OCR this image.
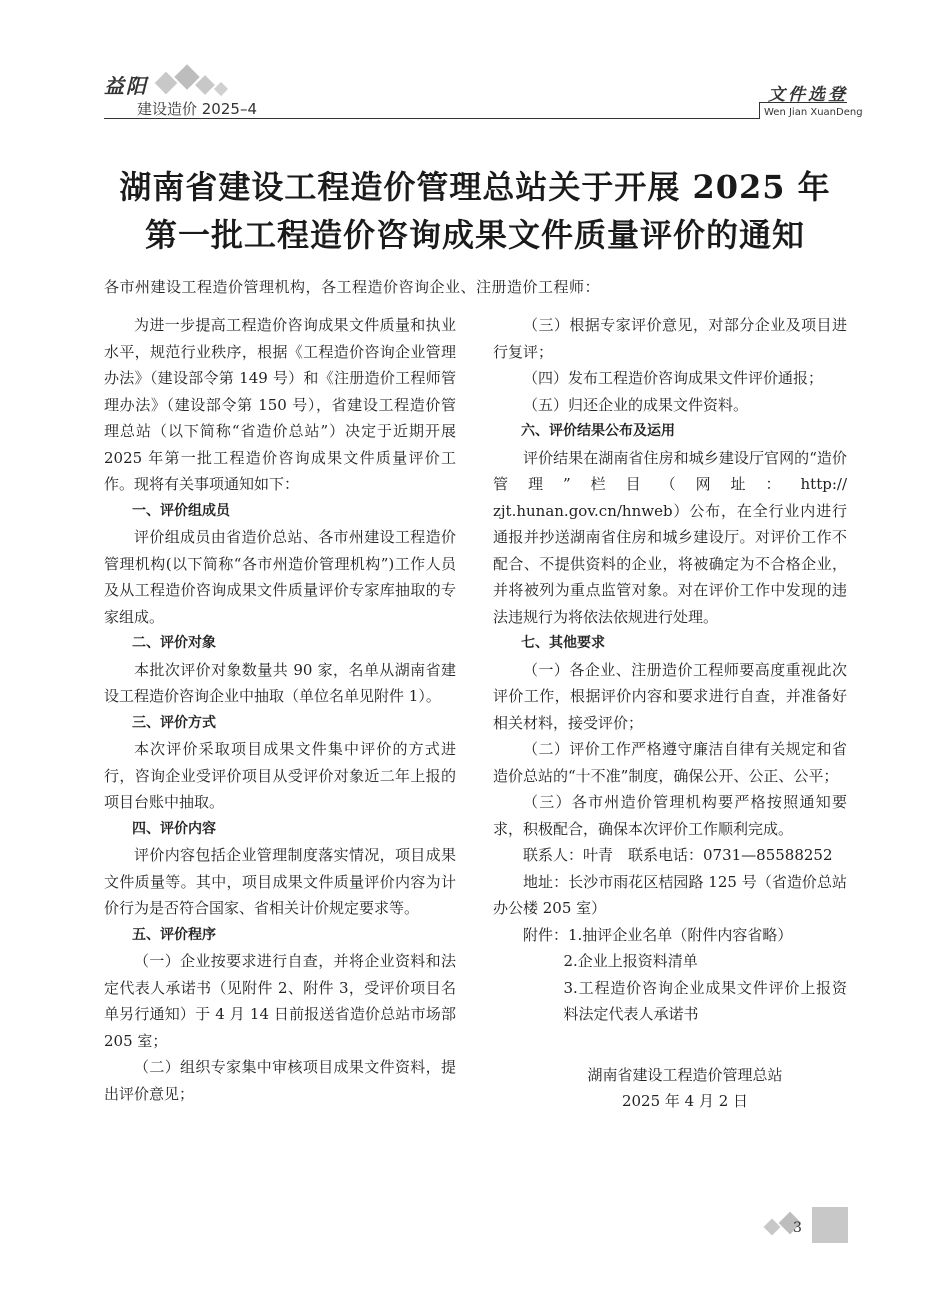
益阳
建设造价 2025–4
文件选登
Wen Jian XuanDeng
湖南省建设工程造价管理总站关于开展 2025 年
第一批工程造价咨询成果文件质量评价的通知
各市州建设工程造价管理机构，各工程造价咨询企业、注册造价工程师：

为进一步提高工程造价咨询成果文件质量和执业水平，规范行业秩序，根据《工程造价咨询企业管理办法》（建设部令第 149 号）和《注册造价工程师管理办法》（建设部令第 150 号），省建设工程造价管理总站（以下简称“省造价总站”）决定于近期开展 2025 年第一批工程造价咨询成果文件质量评价工作。现将有关事项通知如下：

一、评价组成员

评价组成员由省造价总站、各市州建设工程造价管理机构(以下简称“各市州造价管理机构”)工作人员及从工程造价咨询成果文件质量评价专家库抽取的专家组成。

二、评价对象

本批次评价对象数量共 90 家，名单从湖南省建设工程造价咨询企业中抽取（单位名单见附件 1）。

三、评价方式

本次评价采取项目成果文件集中评价的方式进行，咨询企业受评价项目从受评价对象近二年上报的项目台账中抽取。

四、评价内容

评价内容包括企业管理制度落实情况，项目成果文件质量等。其中，项目成果文件质量评价内容为计价行为是否符合国家、省相关计价规定要求等。

五、评价程序

（一）企业按要求进行自查，并将企业资料和法定代表人承诺书（见附件 2、附件 3，受评价项目名单另行通知）于 4 月 14 日前报送省造价总站市场部 205 室；

（二）组织专家集中审核项目成果文件资料，提出评价意见；

（三）根据专家评价意见，对部分企业及项目进行复评；

（四）发布工程造价咨询成果文件评价通报；

（五）归还企业的成果文件资料。

六、评价结果公布及运用

评价结果在湖南省住房和城乡建设厅官网的“造价管理”栏目（网址：http:// zjt.hunan.gov.cn/hnweb）公布，在全行业内进行通报并抄送湖南省住房和城乡建设厅。对评价工作不配合、不提供资料的企业，将被确定为不合格企业，并将被列为重点监管对象。对在评价工作中发现的违法违规行为将依法依规进行处理。

七、其他要求

（一）各企业、注册造价工程师要高度重视此次评价工作，根据评价内容和要求进行自查，并准备好相关材料，接受评价；

（二）评价工作严格遵守廉洁自律有关规定和省造价总站的“十不准”制度，确保公开、公正、公平；

（三）各市州造价管理机构要严格按照通知要求，积极配合，确保本次评价工作顺利完成。

联系人：叶青　联系电话：0731—85588252

地址：长沙市雨花区桔园路 125 号（省造价总站办公楼 205 室）

附件：1.抽评企业名单（附件内容省略）

2.企业上报资料清单

3.工程造价咨询企业成果文件评价上报资料法定代表人承诺书

湖南省建设工程造价管理总站

2025 年 4 月 2 日

3
